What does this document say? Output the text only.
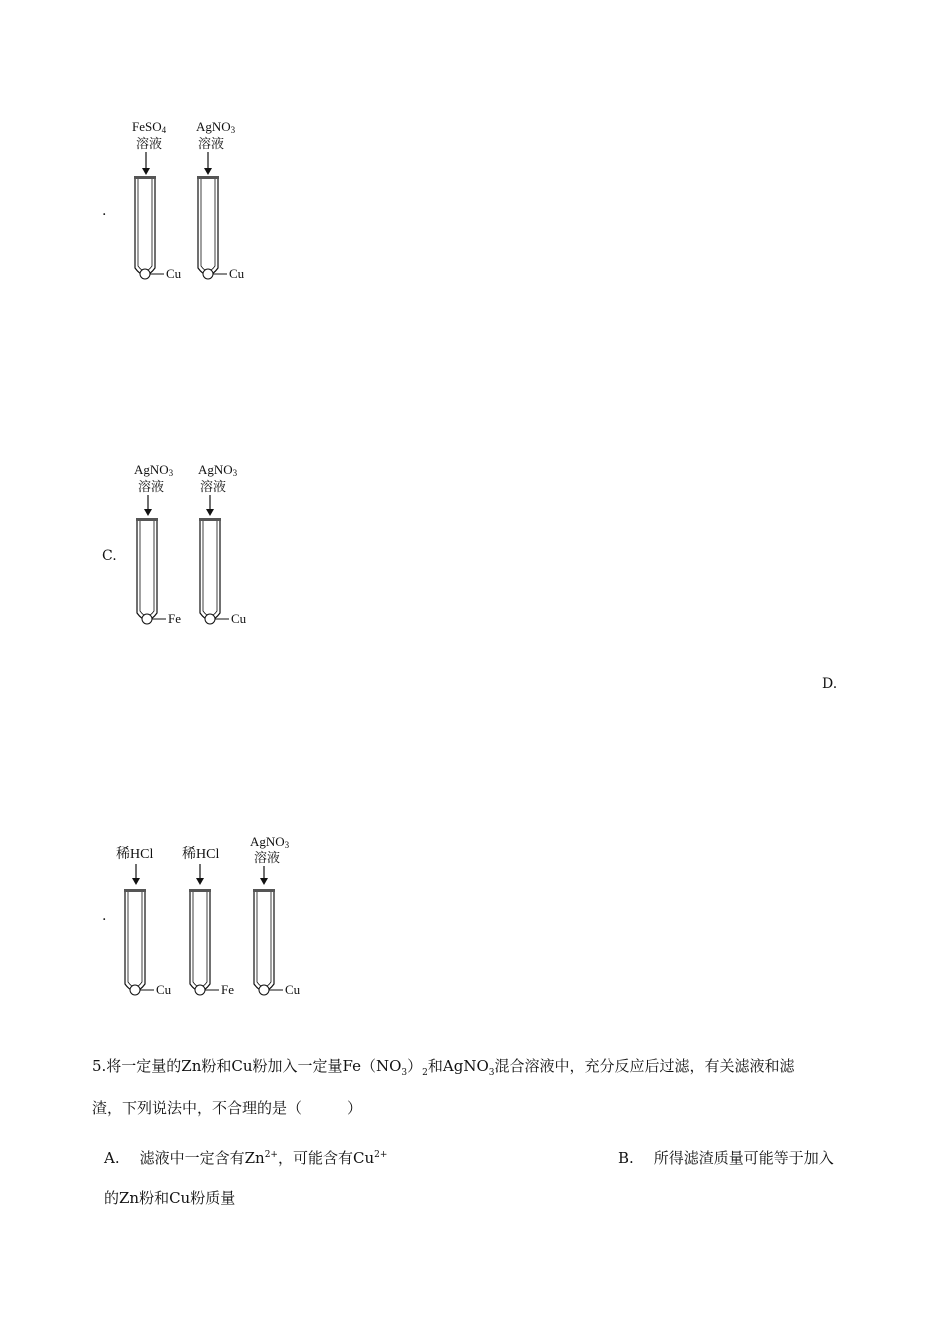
.
FeSO4
溶液
Cu
AgNO3
溶液
Cu
C.
AgNO3
溶液
Fe
AgNO3
溶液
Cu
D.
.
稀HCl
Cu
稀HCl
Fe
AgNO3
溶液
Cu
5.将一定量的Zn粉和Cu粉加入一定量$Fe(NO_3)_2$和AgNO$_3$混合溶液中，充分反应后过滤，有关滤液和滤
渣，下列说法中，不合理的是（　　　）
A. 滤液中一定含有$Zn^{2+}$，可能含有$Cu^{2+}$	B. 所得滤渣质量可能等于加入
的Zn粉和Cu粉质量
